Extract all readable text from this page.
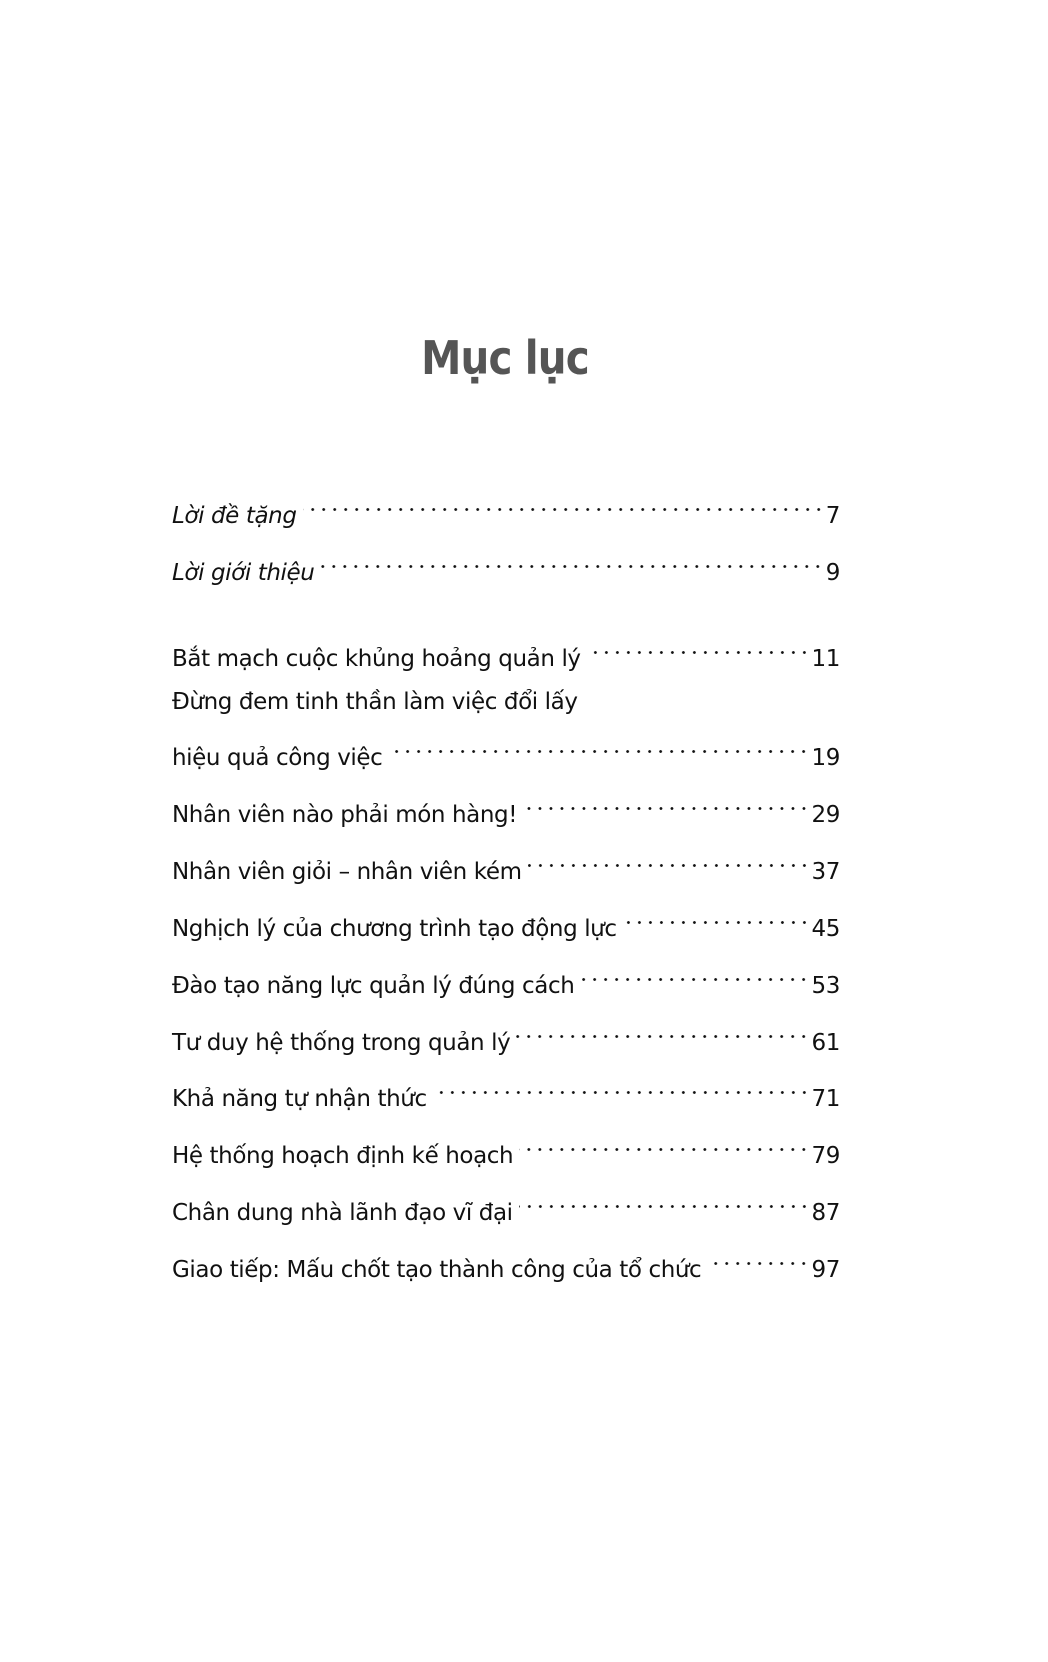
Mục lục
Lời đề tặng	7
Lời giới thiệu	9
Bắt mạch cuộc khủng hoảng quản lý	11
Đừng đem tinh thần làm việc đổi lấy
hiệu quả công việc	19
Nhân viên nào phải món hàng!	29
Nhân viên giỏi – nhân viên kém	37
Nghịch lý của chương trình tạo động lực	45
Đào tạo năng lực quản lý đúng cách	53
Tư duy hệ thống trong quản lý	61
Khả năng tự nhận thức	71
Hệ thống hoạch định kế hoạch	79
Chân dung nhà lãnh đạo vĩ đại	87
Giao tiếp: Mấu chốt tạo thành công của tổ chức	97
